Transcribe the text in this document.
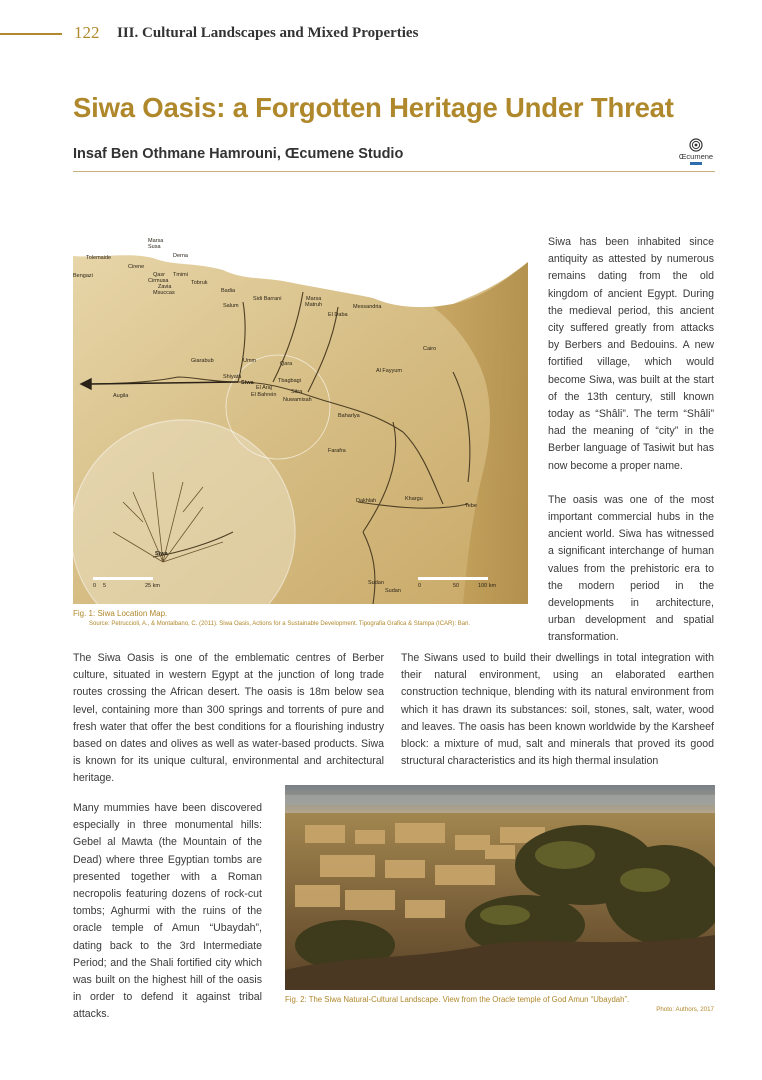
122 III. Cultural Landscapes and Mixed Properties
Siwa Oasis: a Forgotten Heritage Under Threat
Insaf Ben Othmane Hamrouni, Œcumene Studio	Œcumene
Marsa
Susa
Derna
Tolemaide
Cirene
Bengazi	Qasr Tmimi
Cirmusa
Zavia
Msuccas
Tobruk
Badia
Sidi Barrani
Salum
Marsa
Matruh	Messandria
El Daba
Cairo
Giarabub	Umm	Qara
Siwa
Shiyata
El Araj
Tbagbagi
El Bahrein
Nuwamisah
Sitra
Al Fayyum
Augila
Baharlya
Farafra
Dakhlah	Khargu
Tebe
Sudan
Sudan
Siwa
0 5	25 km	0	50	100 km
Fig. 1: Siwa Location Map.
Source: Petruccioli, A., & Montalbano, C. (2011). Siwa Oasis, Actions for a Sustainable Development. Tipografia Grafica & Stampa (ICAR): Bari.

Siwa has been inhabited since antiquity as attested by numerous remains dating from the old kingdom of ancient Egypt. During the medieval period, this ancient city suffered greatly from attacks by Berbers and Bedouins. A new fortified village, which would become Siwa, was built at the start of the 13th century, still known today as “Shâli”. The term “Shâli” had the meaning of “city” in the Berber language of Tasiwit but has now become a proper name.

The oasis was one of the most important commercial hubs in the ancient world. Siwa has witnessed a significant interchange of human values from the prehistoric era to the modern period in the developments in architecture, urban development and spatial transformation.

The Siwa Oasis is one of the emblematic centres of Berber culture, situated in western Egypt at the junction of long trade routes crossing the African desert. The oasis is 18m below sea level, containing more than 300 springs and torrents of pure and fresh water that offer the best conditions for a flourishing industry based on dates and olives as well as water-based products. Siwa is known for its unique cultural, environmental and architectural heritage.
The Siwans used to build their dwellings in total integration with their natural environment, using an elaborated earthen construction technique, blending with its natural environment from which it has drawn its substances: soil, stones, salt, water, wood and leaves. The oasis has been known worldwide by the Karsheef block: a mixture of mud, salt and minerals that proved its good structural characteristics and its high thermal insulation
Many mummies have been discovered especially in three monumental hills: Gebel al Mawta (the Mountain of the Dead) where three Egyptian tombs are presented together with a Roman necropolis featuring dozens of rock-cut tombs; Aghurmi with the ruins of the oracle temple of Amun “Ubaydah”, dating back to the 3rd Intermediate Period; and the Shali fortified city which was built on the highest hill of the oasis in order to defend it against tribal attacks.
Fig. 2: The Siwa Natural-Cultural Landscape. View from the Oracle temple of God Amun “Ubaydah”.
Photo: Authors, 2017
